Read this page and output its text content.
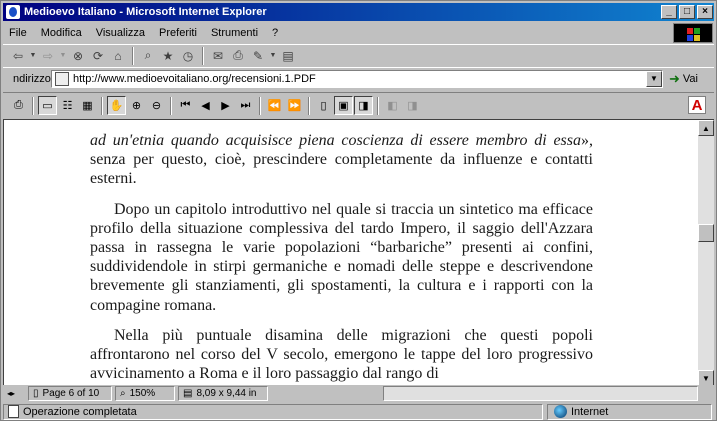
Medioevo Italiano - Microsoft Internet Explorer	_	□	×
File Modifica Visualizza Preferiti Strumenti ?
⇦ ▼ ⇨ ▼ ⊗ ⟳ ⌂	⌕ ★ ◷	✉ ⎙ ✎ ▼ ▤
ndirizzo http://www.medioevoitaliano.org/recensioni.1.PDF	▼ ➜ Vai
⎙	▭ ☷ ▦	✋ ⊕ ⊖	⏮ ◀	▶ ⏭	⏪ ⏩	▯	▣ ◨	◧ ◨	A

ad un'etnia quando acquisisce piena coscienza di essere membro di essa», senza per questo, cioè, prescindere completamente da influenze e contatti esterni.

Dopo un capitolo introduttivo nel quale si traccia un sintetico ma efficace profilo della situazione complessiva del tardo Impero, il saggio dell'Azzara passa in rassegna le varie popolazioni “barbariche” presenti ai confini, suddividendole in stirpi germaniche e nomadi delle steppe e descrivendone brevemente gli stanziamenti, gli spostamenti, la cultura e i rapporti con la compagine romana.

Nella più puntuale disamina delle migrazioni che questi popoli affrontarono nel corso del V secolo, emergono le tappe del loro progressivo avvicinamento a Roma e il loro passaggio dal rango di

▲
▼
◂▸	▯ Page 6 of 10 ⌕ 150%	▤ 8,09 x 9,44 in
Operazione completata	Internet
